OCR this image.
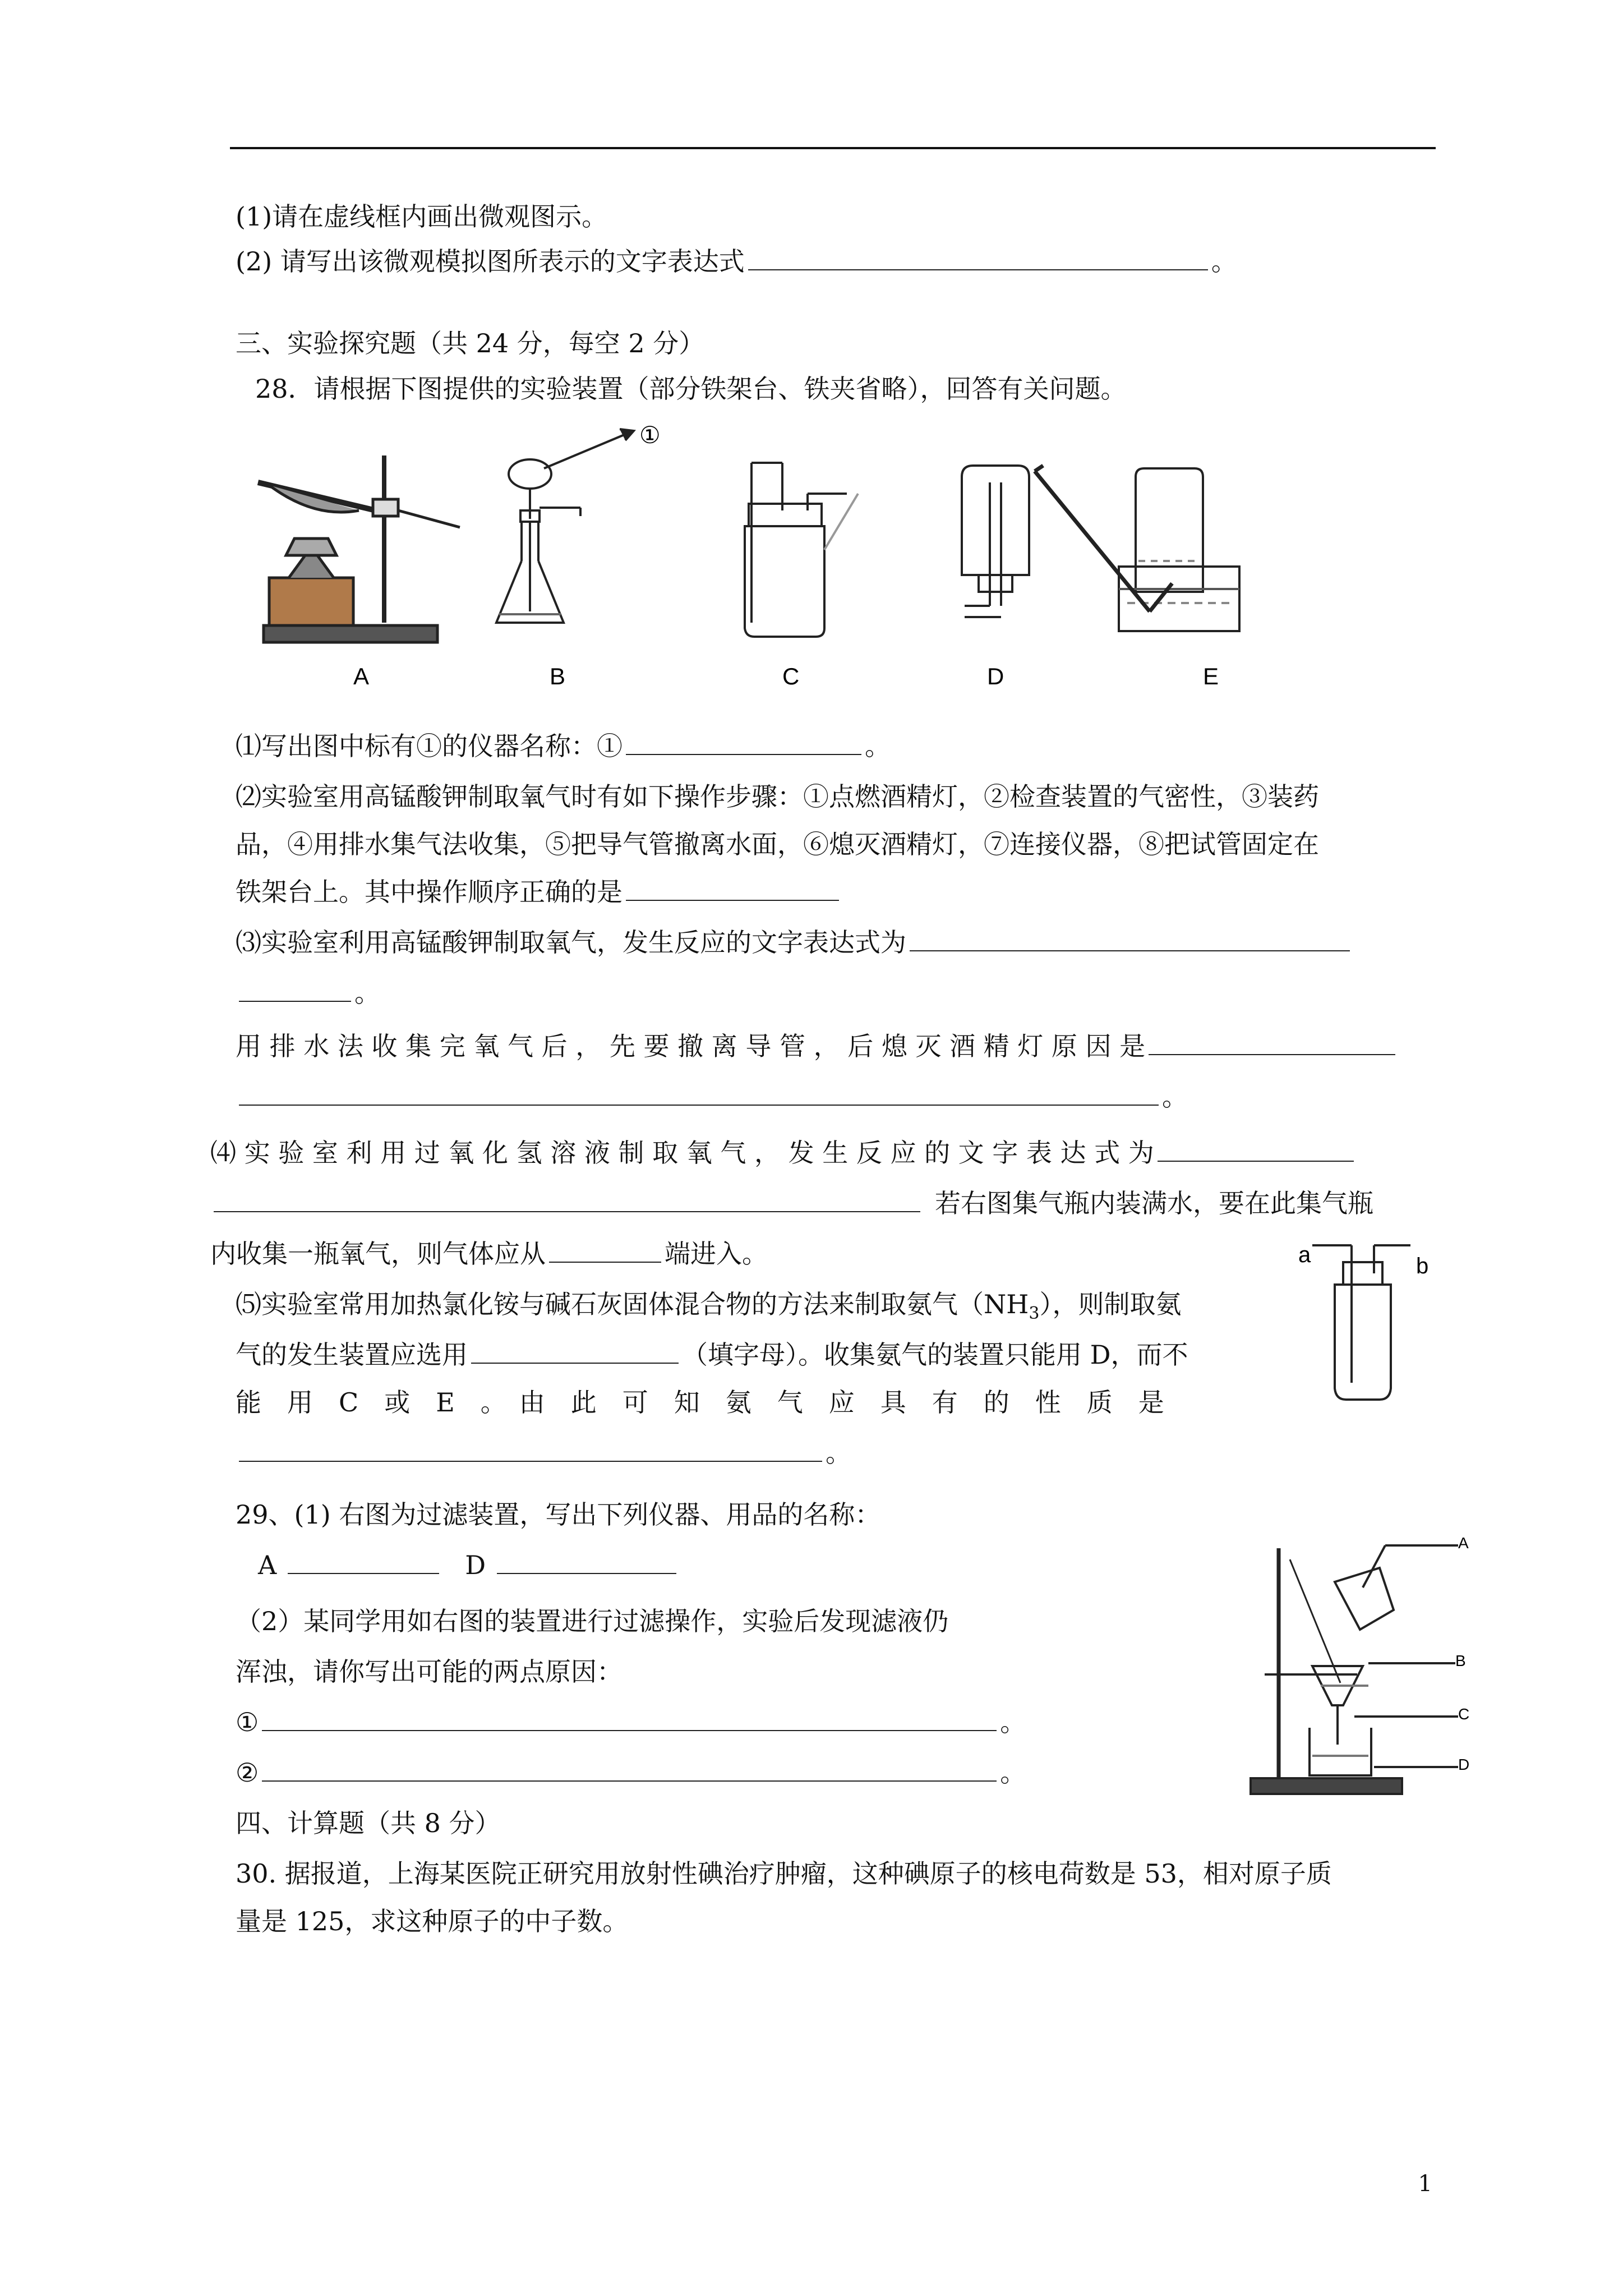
(1)请在虚线框内画出微观图示。
(2) 请写出该微观模拟图所表示的文字表达式	。
三、实验探究题（共 24 分，每空 2 分）
28．请根据下图提供的实验装置（部分铁架台、铁夹省略），回答有关问题。
①
A	B	C	D	E
⑴写出图中标有①的仪器名称：①	。
⑵实验室用高锰酸钾制取氧气时有如下操作步骤：①点燃酒精灯，②检查装置的气密性，③装药
品，④用排水集气法收集，⑤把导气管撤离水面，⑥熄灭酒精灯，⑦连接仪器，⑧把试管固定在
铁架台上。其中操作顺序正确的是
⑶实验室利用高锰酸钾制取氧气，发生反应的文字表达式为
。
用 排 水 法 收 集 完 氧 气 后 ， 先 要 撤 离 导 管 ， 后 熄 灭 酒 精 灯 原 因 是
。
⑷ 实 验 室 利 用 过 氧 化 氢 溶 液 制 取 氧 气 ， 发 生 反 应 的 文 字 表 达 式 为
若右图集气瓶内装满水，要在此集气瓶
内收集一瓶氧气，则气体应从	端进入。
⑸实验室常用加热氯化铵与碱石灰固体混合物的方法来制取氨气$(NH_3)$，则制取氨
气的发生装置应选用	（填字母）。收集氨气的装置只能用 D，而不
能　用　C　或　E　。　由　此　可　知　氨　气　应　具　有　的　性　质　是
。
a	b
29、(1) 右图为过滤装置，写出下列仪器、用品的名称：
A	D
（2）某同学用如右图的装置进行过滤操作，实验后发现滤液仍
浑浊，请你写出可能的两点原因：
①	。
②	。
A
B
C
D
四、计算题（共 8 分）
30. 据报道，上海某医院正研究用放射性碘治疗肿瘤，这种碘原子的核电荷数是 53，相对原子质
量是 125，求这种原子的中子数。
1
